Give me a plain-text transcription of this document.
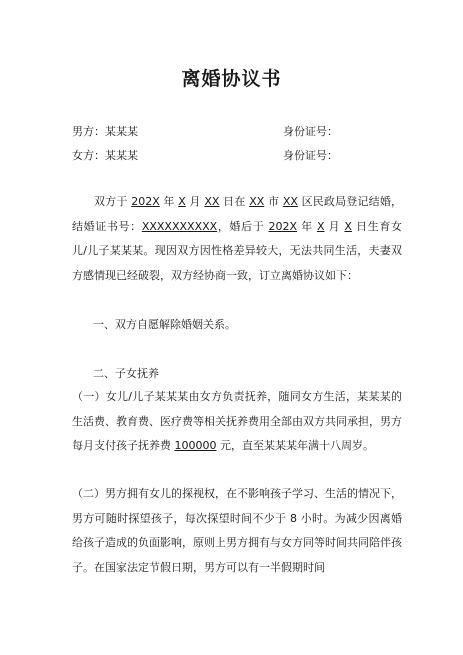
离婚协议书
男方：某某某	身份证号：
女方：某某某	身份证号：
双方于 202X 年 X 月 XX 日在 XX 市 XX 区民政局登记结婚，结婚证书号：XXXXXXXXXX，婚后于 202X 年 X 月 X 日生育女儿/儿子某某某。现因双方因性格差异较大，无法共同生活，夫妻双方感情现已经破裂，双方经协商一致，订立离婚协议如下：
一、双方自愿解除婚姻关系。
二、子女抚养
（一）女儿/儿子某某某由女方负责抚养，随同女方生活，某某某的生活费、教育费、医疗费等相关抚养费用全部由双方共同承担，男方每月支付孩子抚养费 100000 元，直至某某某年满十八周岁。
（二）男方拥有女儿的探视权，在不影响孩子学习、生活的情况下，男方可随时探望孩子，每次探望时间不少于 8 小时。为减少因离婚给孩子造成的负面影响，原则上男方拥有与女方同等时间共同陪伴孩子。在国家法定节假日期，男方可以有一半假期时间
